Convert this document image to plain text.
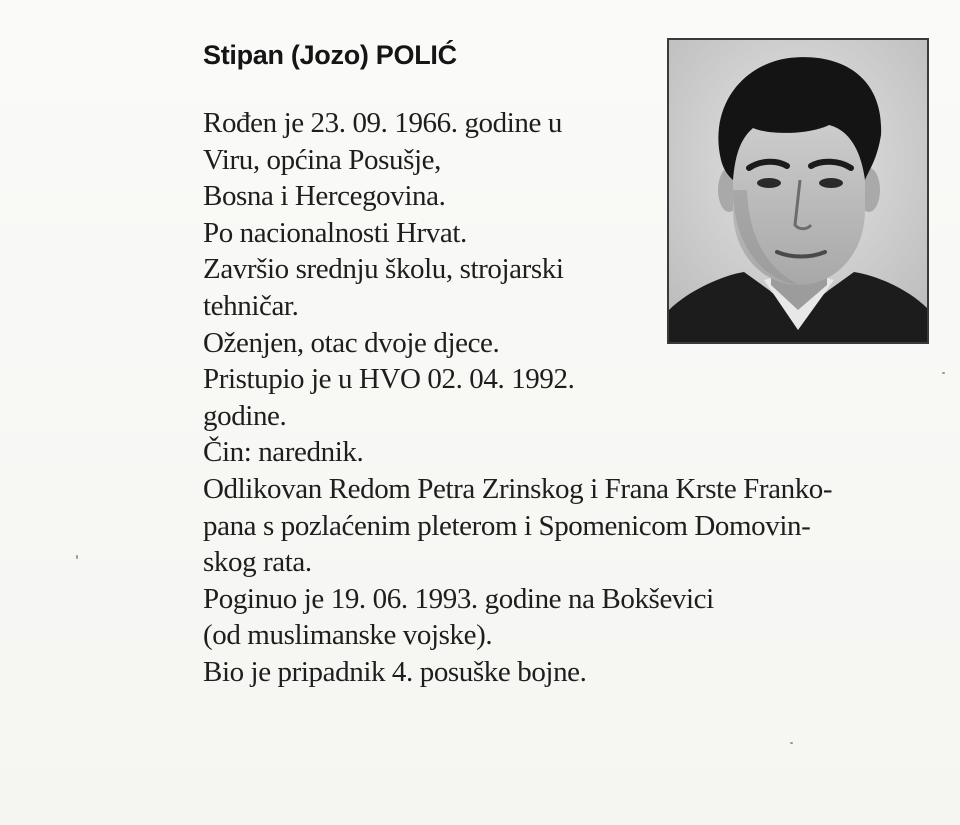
Stipan (Jozo) POLIĆ
Rođen je 23. 09. 1966. godine u
Viru, općina Posušje,
Bosna i Hercegovina.
Po nacionalnosti Hrvat.
Završio srednju školu, strojarski
tehničar.
Oženjen, otac dvoje djece.
Pristupio je u HVO 02. 04. 1992.
godine.
Čin: narednik.
Odlikovan Redom Petra Zrinskog i Frana Krste Franko-
pana s pozlaćenim pleterom i Spomenicom Domovin-
skog rata.
Poginuo je 19. 06. 1993. godine na Bokševici
(od muslimanske vojske).
Bio je pripadnik 4. posuške bojne.
